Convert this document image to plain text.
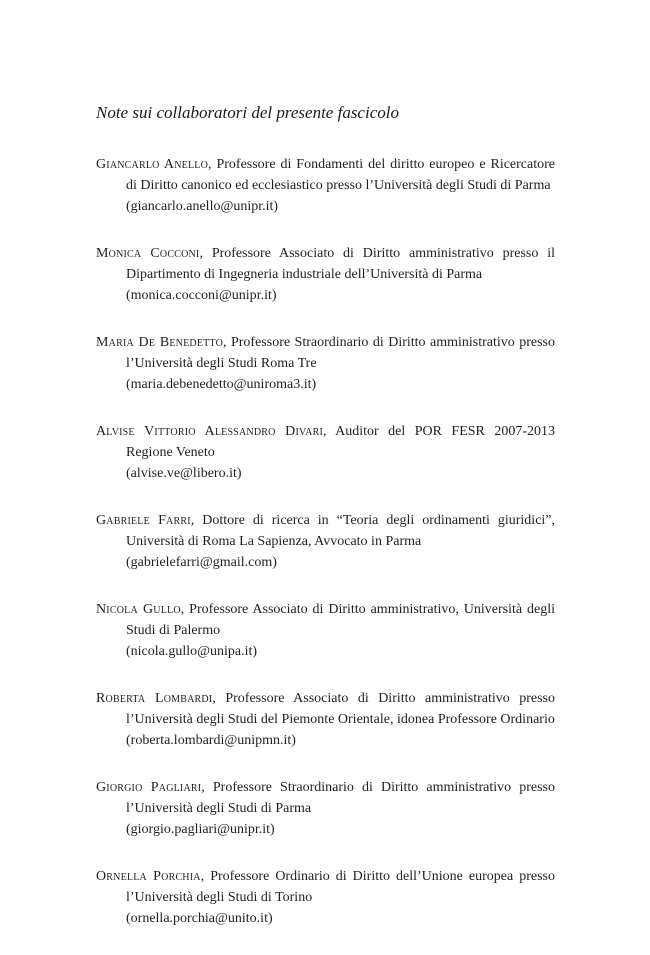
Note sui collaboratori del presente fascicolo

Giancarlo Anello, Professore di Fondamenti del diritto europeo e Ricercatore di Diritto canonico ed ecclesiastico presso l’Università degli Studi di Parma
(giancarlo.anello@unipr.it)

Monica Cocconi, Professore Associato di Diritto amministrativo presso il Dipartimento di Ingegneria industriale dell’Università di Parma
(monica.cocconi@unipr.it)

Maria De Benedetto, Professore Straordinario di Diritto amministrativo presso l’Università degli Studi Roma Tre
(maria.debenedetto@uniroma3.it)

Alvise Vittorio Alessandro Divari, Auditor del POR FESR 2007-2013 Regione Veneto
(alvise.ve@libero.it)

Gabriele Farri, Dottore di ricerca in “Teoria degli ordinamenti giuridici”, Università di Roma La Sapienza, Avvocato in Parma
(gabrielefarri@gmail.com)

Nicola Gullo, Professore Associato di Diritto amministrativo, Università degli Studi di Palermo
(nicola.gullo@unipa.it)

Roberta Lombardi, Professore Associato di Diritto amministrativo presso l’Università degli Studi del Piemonte Orientale, idonea Professore Ordinario
(roberta.lombardi@unipmn.it)

Giorgio Pagliari, Professore Straordinario di Diritto amministrativo presso l’Università degli Studi di Parma
(giorgio.pagliari@unipr.it)

Ornella Porchia, Professore Ordinario di Diritto dell’Unione europea presso l’Università degli Studi di Torino
(ornella.porchia@unito.it)
